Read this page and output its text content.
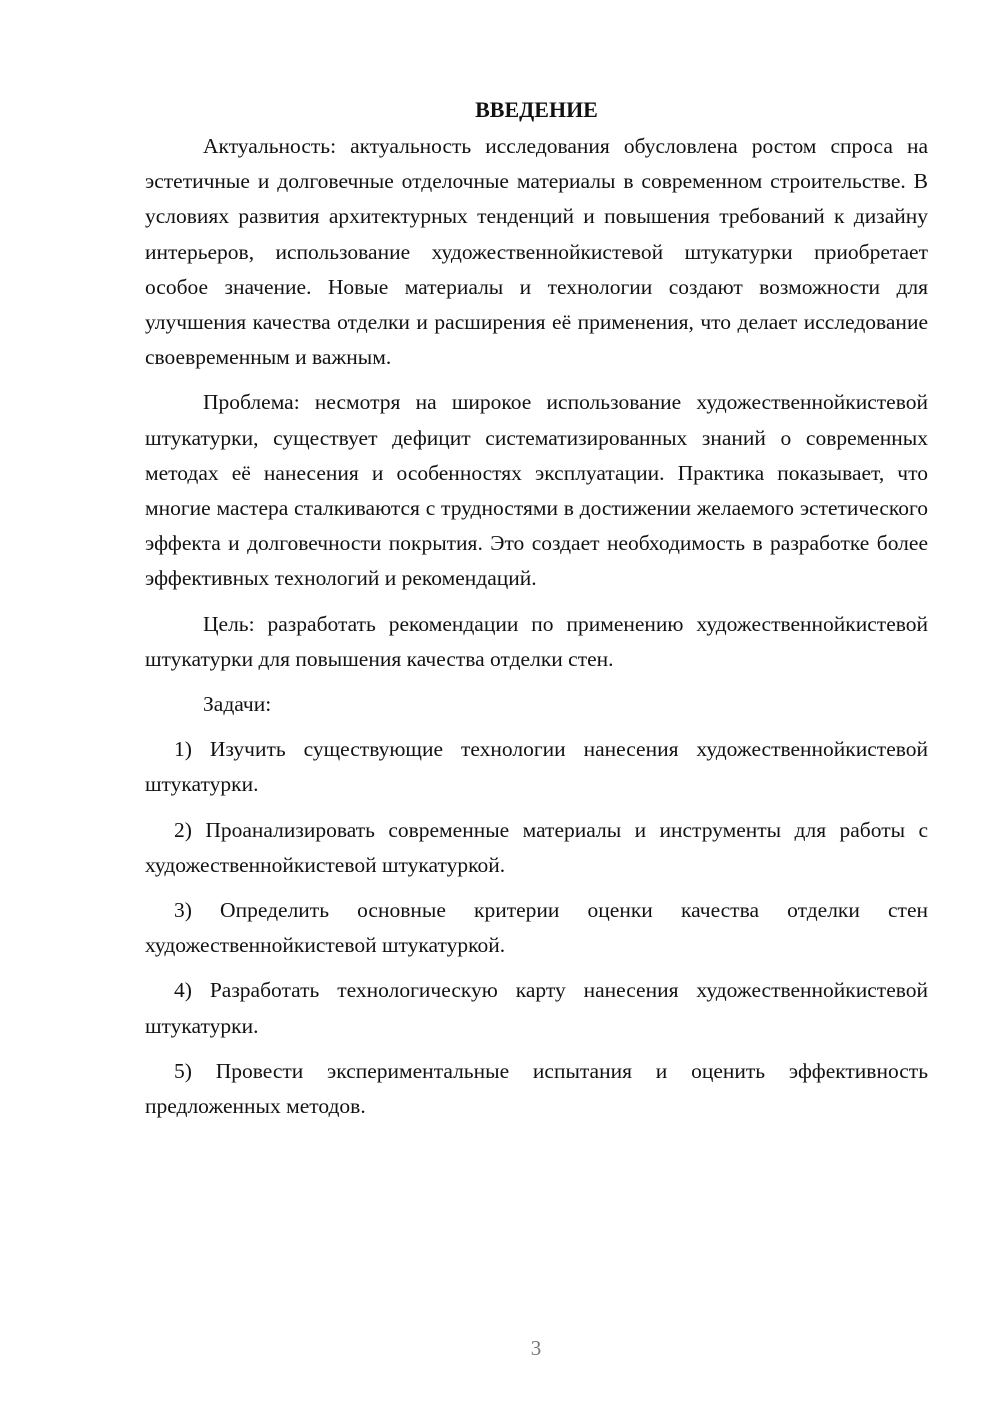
ВВЕДЕНИЕ

Актуальность: актуальность исследования обусловлена ростом спроса на эстетичные и долговечные отделочные материалы в современном строительстве. В условиях развития архитектурных тенденций и повышения требований к дизайну интерьеров, использование художественнойкистевой штукатурки приобретает особое значение. Новые материалы и технологии создают возможности для улучшения качества отделки и расширения её применения, что делает исследование своевременным и важным.

Проблема: несмотря на широкое использование художественнойкистевой штукатурки, существует дефицит систематизированных знаний о современных методах её нанесения и особенностях эксплуатации. Практика показывает, что многие мастера сталкиваются с трудностями в достижении желаемого эстетического эффекта и долговечности покрытия. Это создает необходимость в разработке более эффективных технологий и рекомендаций.

Цель: разработать рекомендации по применению художественнойкистевой штукатурки для повышения качества отделки стен.

Задачи:

1) Изучить существующие технологии нанесения художественнойкистевой штукатурки.

2) Проанализировать современные материалы и инструменты для работы с художественнойкистевой штукатуркой.

3) Определить основные критерии оценки качества отделки стен художественнойкистевой штукатуркой.

4) Разработать технологическую карту нанесения художественнойкистевой штукатурки.

5) Провести экспериментальные испытания и оценить эффективность предложенных методов.

3
